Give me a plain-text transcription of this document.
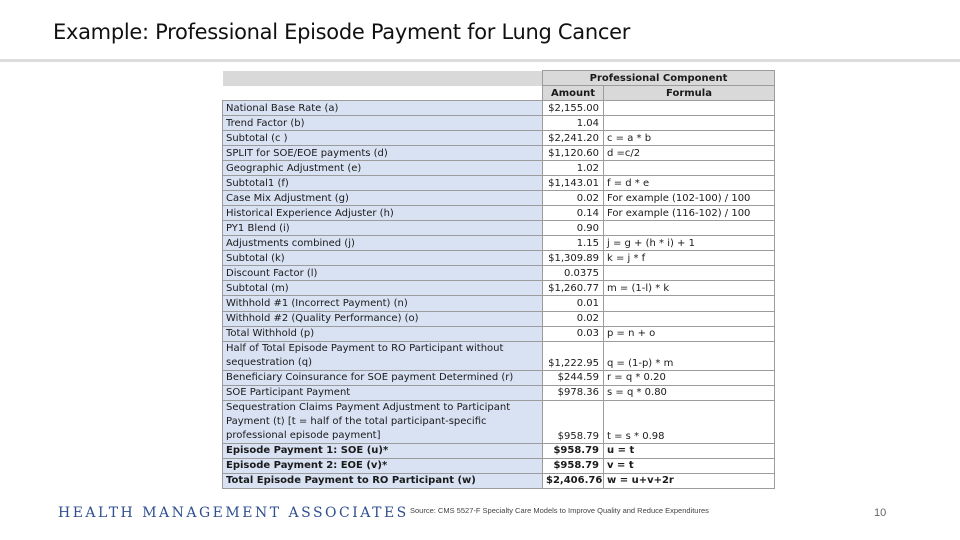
Example: Professional Episode Payment for Lung Cancer
	Professional Component	
	Amount	Formula
National Base Rate (a)	$2,155.00	
Trend Factor (b)	1.04	
Subtotal (c )	$2,241.20	c = a * b
SPLIT for SOE/EOE payments (d)	$1,120.60	d =c/2
Geographic Adjustment (e)	1.02	
Subtotal1 (f)	$1,143.01	f = d * e
Case Mix Adjustment (g)	0.02	For example (102-100) / 100
Historical Experience Adjuster (h)	0.14	For example (116-102) / 100
PY1 Blend (i)	0.90	
Adjustments combined (j)	1.15	j = g + (h * i) + 1
Subtotal (k)	$1,309.89	k = j * f
Discount Factor (l)	0.0375	
Subtotal (m)	$1,260.77	m = (1-l) * k
Withhold #1 (Incorrect Payment) (n)	0.01	
Withhold #2 (Quality Performance) (o)	0.02	
Total Withhold (p)	0.03	p = n + o
Half of Total Episode Payment to RO Participant without sequestration (q)	$1,222.95	q = (1-p) * m
Beneficiary Coinsurance for SOE payment Determined (r)	$244.59	r = q * 0.20
SOE Participant Payment	$978.36	s = q * 0.80
Sequestration Claims Payment Adjustment to Participant Payment (t) [t = half of the total participant-specific professional episode payment]	$958.79	t = s * 0.98
Episode Payment 1: SOE (u)*	$958.79	u = t
Episode Payment 2: EOE (v)*	$958.79	v = t
Total Episode Payment to RO Participant (w)	$2,406.76	w = u+v+2r
HEALTH MANAGEMENT ASSOCIATES Source: CMS 5527-F Specialty Care Models to Improve Quality and Reduce Expenditures	10
